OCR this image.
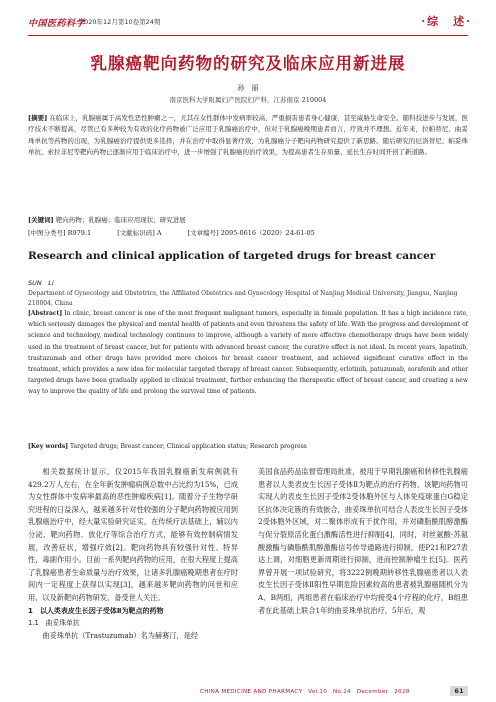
中国医药科学
2020年12月第10卷第24期	·综　述·
乳腺癌靶向药物的研究及临床应用新进展
孙　丽
南京医科大学附属妇产医院妇产科，江苏南京 210004
[摘要] 在临床上，乳腺癌属于高发性恶性肿瘤之一，尤其在女性群体中发病率较高，严重损害患者身心健康，甚至威胁生命安全。随科技进步与发展，医疗技术不断提高，尽管已有多种较为有效的化疗药物被广泛应用于乳腺癌治疗中，但对于乳腺癌晚期患者而言，疗效并不理想。近年来，拉帕替尼、曲妥珠单抗等药物的出现，为乳腺癌治疗提供更多选择，并在治疗中取得显著疗效，为乳腺癌分子靶向药物研究提供了新思路。随后研究的厄洛替尼、帕妥珠单抗、索拉非尼等靶向药物已逐渐应用于临床治疗中，进一步增强了乳腺癌的治疗效果，为提高患者生存质量、延长生存时间开创了新道路。
[关键词] 靶向药物；乳腺癌；临床应用现状；研究进展
[中图分类号] R979.1	[文献标识码] A	[文章编号] 2095-0616（2020）24-61-05
Research and clinical application of targeted drugs for breast cancer
SUN　Li
Department of Gynecology and Obstetrics, the Affiliated Obstetrics and Gynecology Hospital of Nanjing Medical University, Jiangsu, Nanjing 210004, China
[Abstract] In clinic, breast cancer is one of the most frequent malignant tumors, especially in female population. It has a high incidence rate, which seriously damages the physical and mental health of patients and even threatens the safety of life. With the progress and development of science and technology, medical technology continues to improve, although a variety of more effective chemotherapy drugs have been widely used in the treatment of breast cancer, but for patients with advanced breast cancer, the curative effect is not ideal. In recent years, lapatinib, trastuzumab and other drugs have provided more choices for breast cancer treatment, and achieved significant curative effect in the treatment, which provides a new idea for molecular targeted therapy of breast cancer. Subsequently, erlotinib, patuzumab, sorafenib and other targeted drugs have been gradually applied in clinical treatment, further enhancing the therapeutic effect of breast cancer, and creating a new way to improve the quality of life and prolong the survival time of patients.
[Key words] Targeted drugs; Breast cancer; Clinical application status; Research progress

相关数据统计显示，仅2015年我国乳腺癌新发病例就有429.2万人左右，在全年新发肿瘤病例总数中占比约为15%，已成为女性群体中发病率最高的恶性肿瘤疾病[1]。随着分子生物学研究进程的日益深入，越来越多针对性较强的分子靶向药物被应用到乳腺癌治疗中，经大量实验研究证实，在传统疗法基础上，辅以内分泌、靶向药物、放化疗等综合治疗方式，能够有效控制病情发展，改善症状，增强疗效[2]。靶向药物具有较强针对性、特异性，毒副作用小。目前一系列靶向药物的应用，在很大程度上提高了乳腺癌患者生命质量与治疗效果，让诸多乳腺癌晚期患者在疗时间内一定程度上获得以实现[3]，越来越多靶向药物的问世和应用，以及新靶向药物研发，备受世人关注。

1　以人类表皮生长因子受体Ⅱ为靶点的药物
1.1　曲妥珠单抗

曲妥珠单抗（Trastuzumab）名为赫赛汀，是经

美国食品药品监督管理局批准，被用于早期乳腺癌和转移性乳腺癌患者以人类表皮生长因子受体Ⅱ为靶点的治疗药物。该靶向药物可实现人的表皮生长因子受体2受体胞外区与人体免疫球蛋白G稳定区抗体决定簇的有效嵌合，曲妥珠单抗可结合人表皮生长因子受体2受体胞外区域，对二聚体形成有干扰作用，并对磷脂酰肌醇激酶与促分裂原活化蛋白激酶活性进行抑制[4]，同时，对丝氨酸-苏氨酸激酶与磷脂酰肌醇激酶信号传导通路进行抑制，使P21和P27表达上调，对细胞更新周期进行抑制，进而控制肿瘤生长[5]。医药界曾开展一项试验研究，将3222例晚期转移性乳腺癌患者以人表皮生长因子受体Ⅱ阳性早期危险因素较高的患者被乳腺癌随机分为A、B两组，两组患者在临床治疗中均接受4个疗程的化疗，B组患者在此基础上联合1年的曲妥珠单抗治疗，5年后，观

CHINA MEDICINE AND PHARMACY　Vol.10　No.24　December　2020	61
